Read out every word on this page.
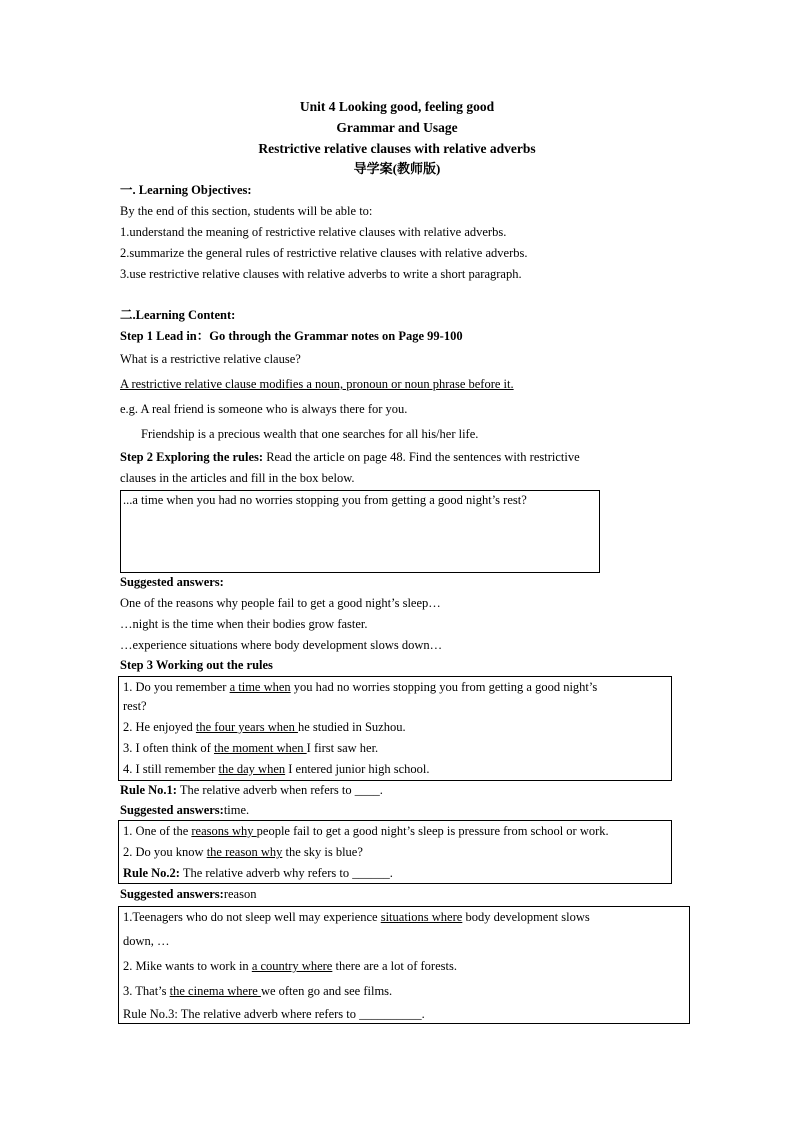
Unit 4 Looking good, feeling good
Grammar and Usage
Restrictive relative clauses with relative adverbs
导学案(教师版)
一. Learning Objectives:
By the end of this section, students will be able to:
1.understand the meaning of restrictive relative clauses with relative adverbs.
2.summarize the general rules of restrictive relative clauses with relative adverbs.
3.use restrictive relative clauses with relative adverbs to write a short paragraph.
二.Learning Content:
Step 1 Lead in：Go through the Grammar notes on Page 99-100
What is a restrictive relative clause?
A restrictive relative clause modifies a noun, pronoun or noun phrase before it.
e.g. A real friend is someone who is always there for you.
Friendship is a precious wealth that one searches for all his/her life.
Step 2 Exploring the rules: Read the article on page 48. Find the sentences with restrictive
clauses in the articles and fill in the box below.
...a time when you had no worries stopping you from getting a good night’s rest?
Suggested answers:
One of the reasons why people fail to get a good night’s sleep…
…night is the time when their bodies grow faster.
…experience situations where body development slows down…
Step 3 Working out the rules
1. Do you remember a time when you had no worries stopping you from getting a good night’s
rest?
2. He enjoyed the four years when he studied in Suzhou.
3. I often think of the moment when I first saw her.
4. I still remember the day when I entered junior high school.
Rule No.1: The relative adverb when refers to ____.
Suggested answers:time.
1. One of the reasons why people fail to get a good night’s sleep is pressure from school or work.
2. Do you know the reason why the sky is blue?
Rule No.2: The relative adverb why refers to ______.
Suggested answers:reason
1.Teenagers who do not sleep well may experience situations where body development slows
down, …
2. Mike wants to work in a country where there are a lot of forests.
3. That’s the cinema where we often go and see films.
Rule No.3: The relative adverb where refers to __________.
